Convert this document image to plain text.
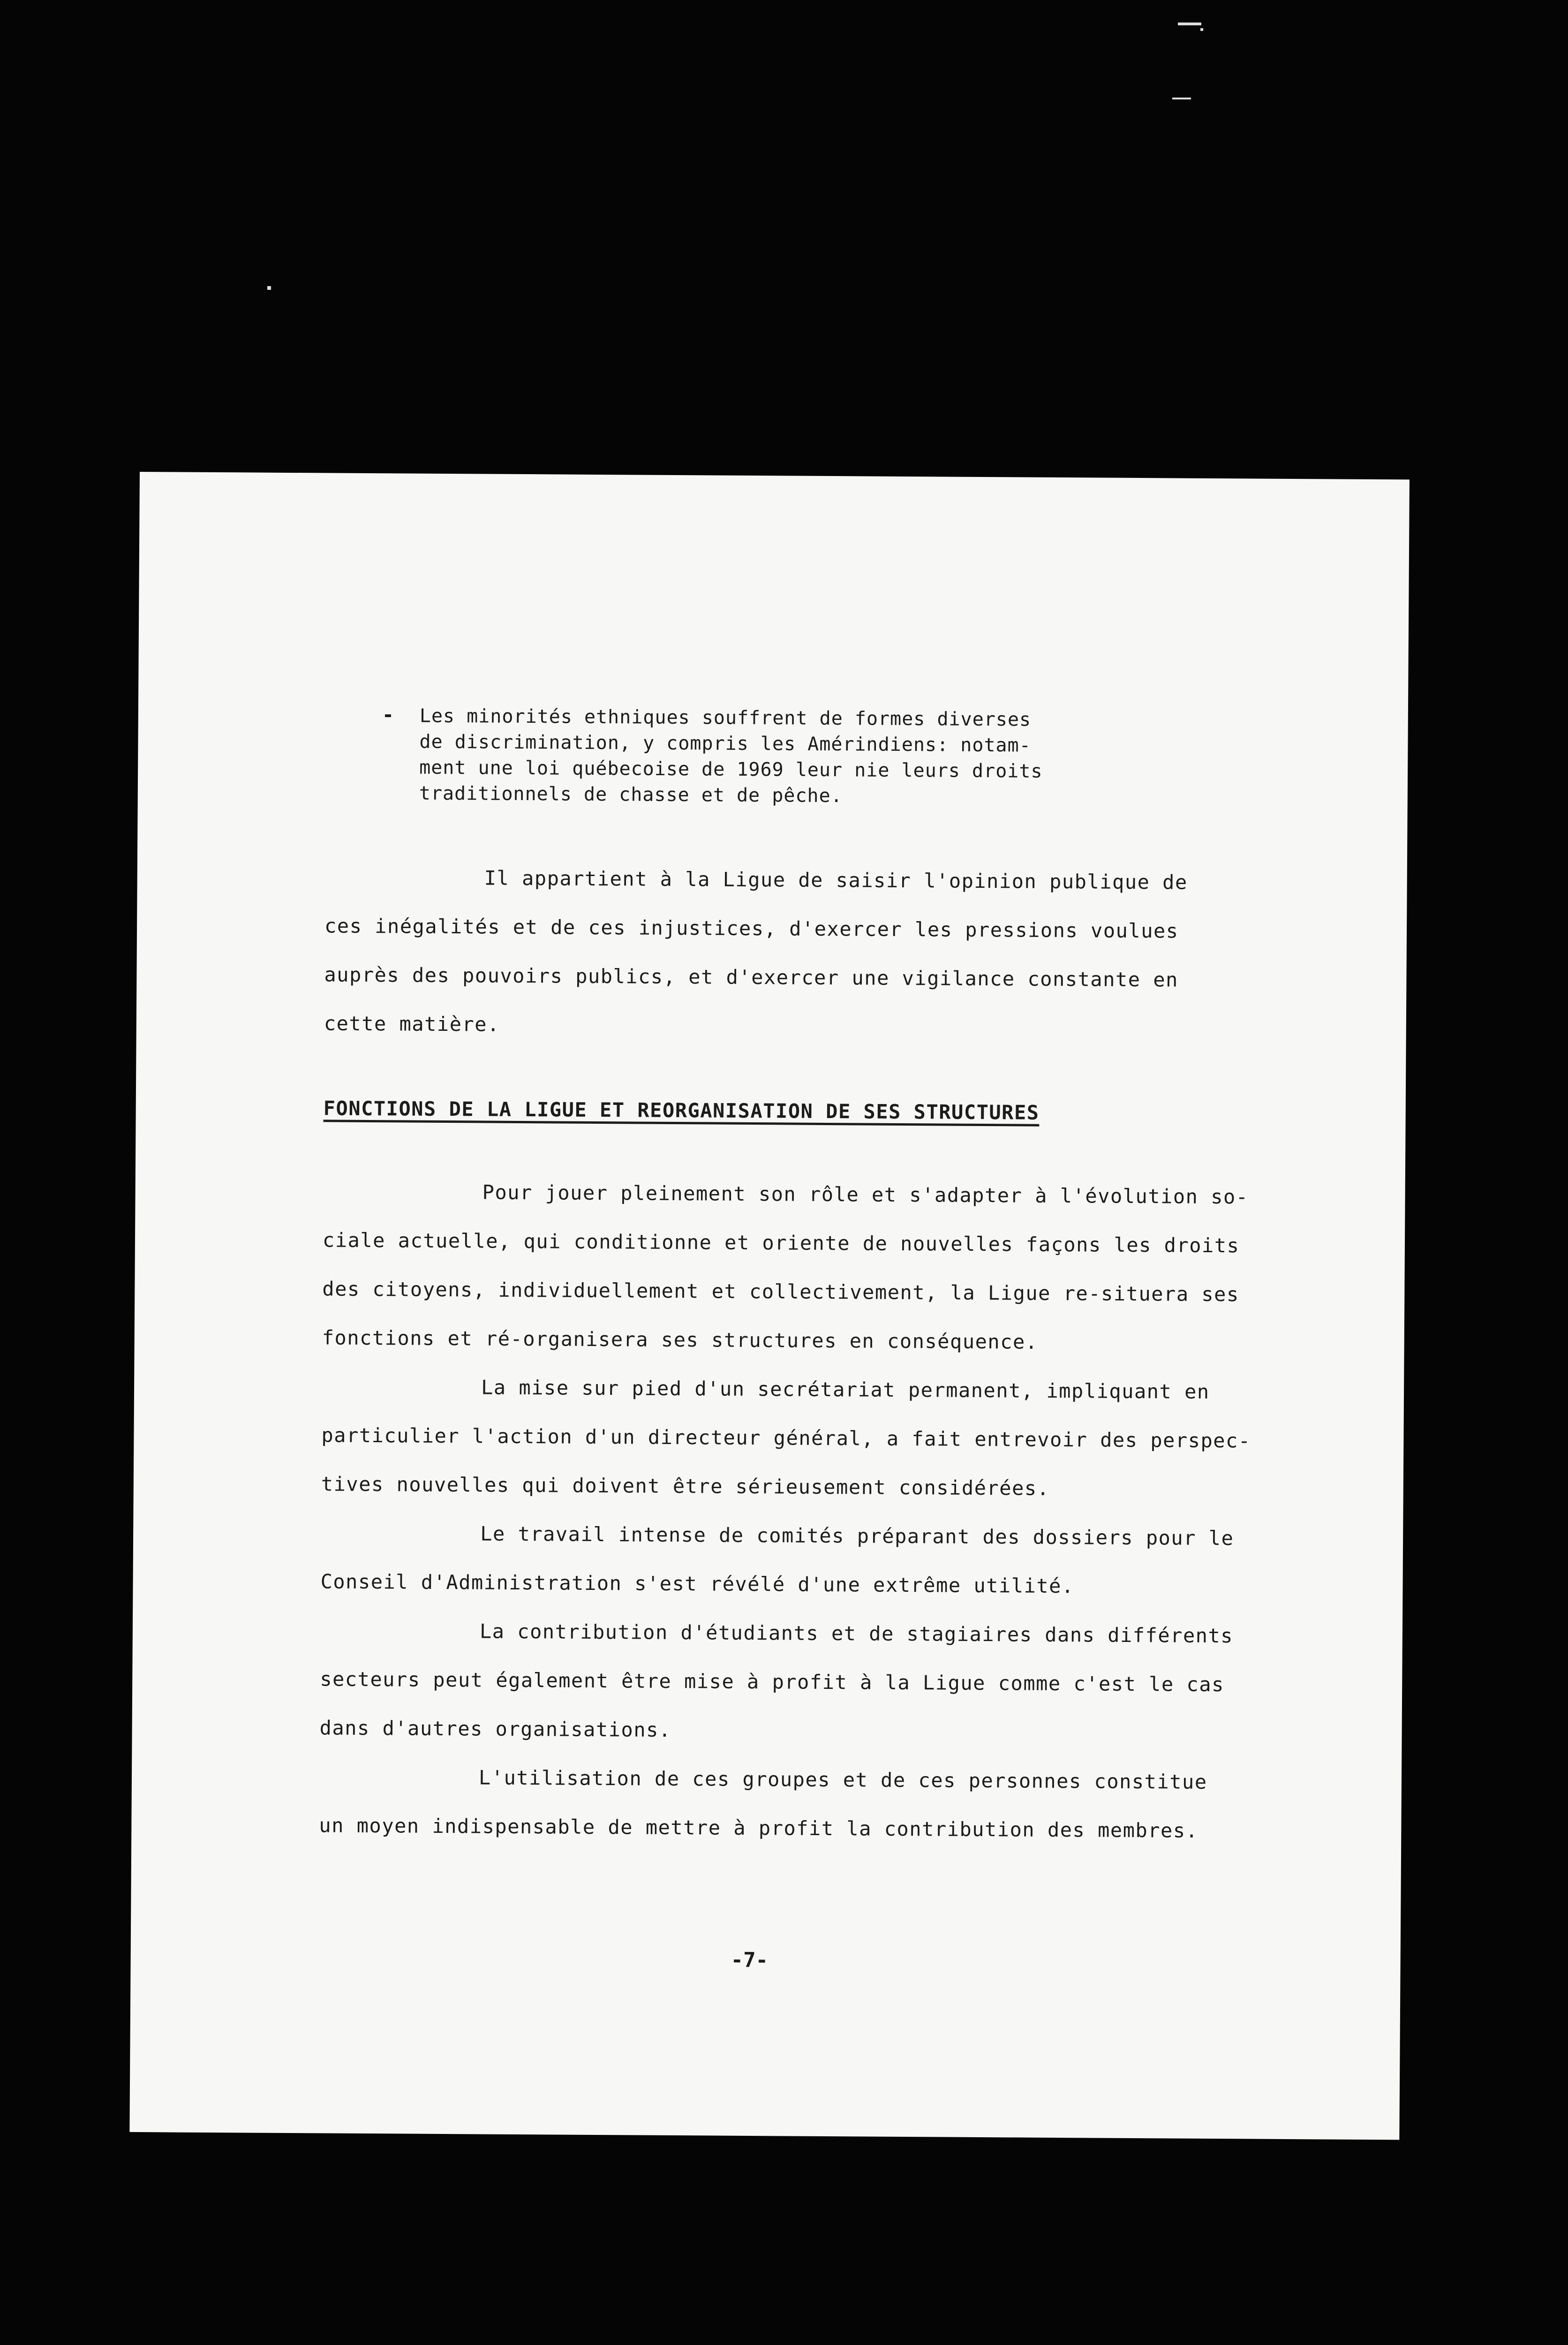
- Les minorités ethniques souffrent de formes diverses
de discrimination, y compris les Amérindiens: notam-
ment une loi québecoise de 1969 leur nie leurs droits
traditionnels de chasse et de pêche.
Il appartient à la Ligue de saisir l'opinion publique de
ces inégalités et de ces injustices, d'exercer les pressions voulues
auprès des pouvoirs publics, et d'exercer une vigilance constante en
cette matière.
FONCTIONS DE LA LIGUE ET REORGANISATION DE SES STRUCTURES
Pour jouer pleinement son rôle et s'adapter à l'évolution so-
ciale actuelle, qui conditionne et oriente de nouvelles façons les droits
des citoyens, individuellement et collectivement, la Ligue re-situera ses
fonctions et ré-organisera ses structures en conséquence.
La mise sur pied d'un secrétariat permanent, impliquant en
particulier l'action d'un directeur général, a fait entrevoir des perspec-
tives nouvelles qui doivent être sérieusement considérées.
Le travail intense de comités préparant des dossiers pour le
Conseil d'Administration s'est révélé d'une extrême utilité.
La contribution d'étudiants et de stagiaires dans différents
secteurs peut également être mise à profit à la Ligue comme c'est le cas
dans d'autres organisations.
L'utilisation de ces groupes et de ces personnes constitue
un moyen indispensable de mettre à profit la contribution des membres.
-7-
